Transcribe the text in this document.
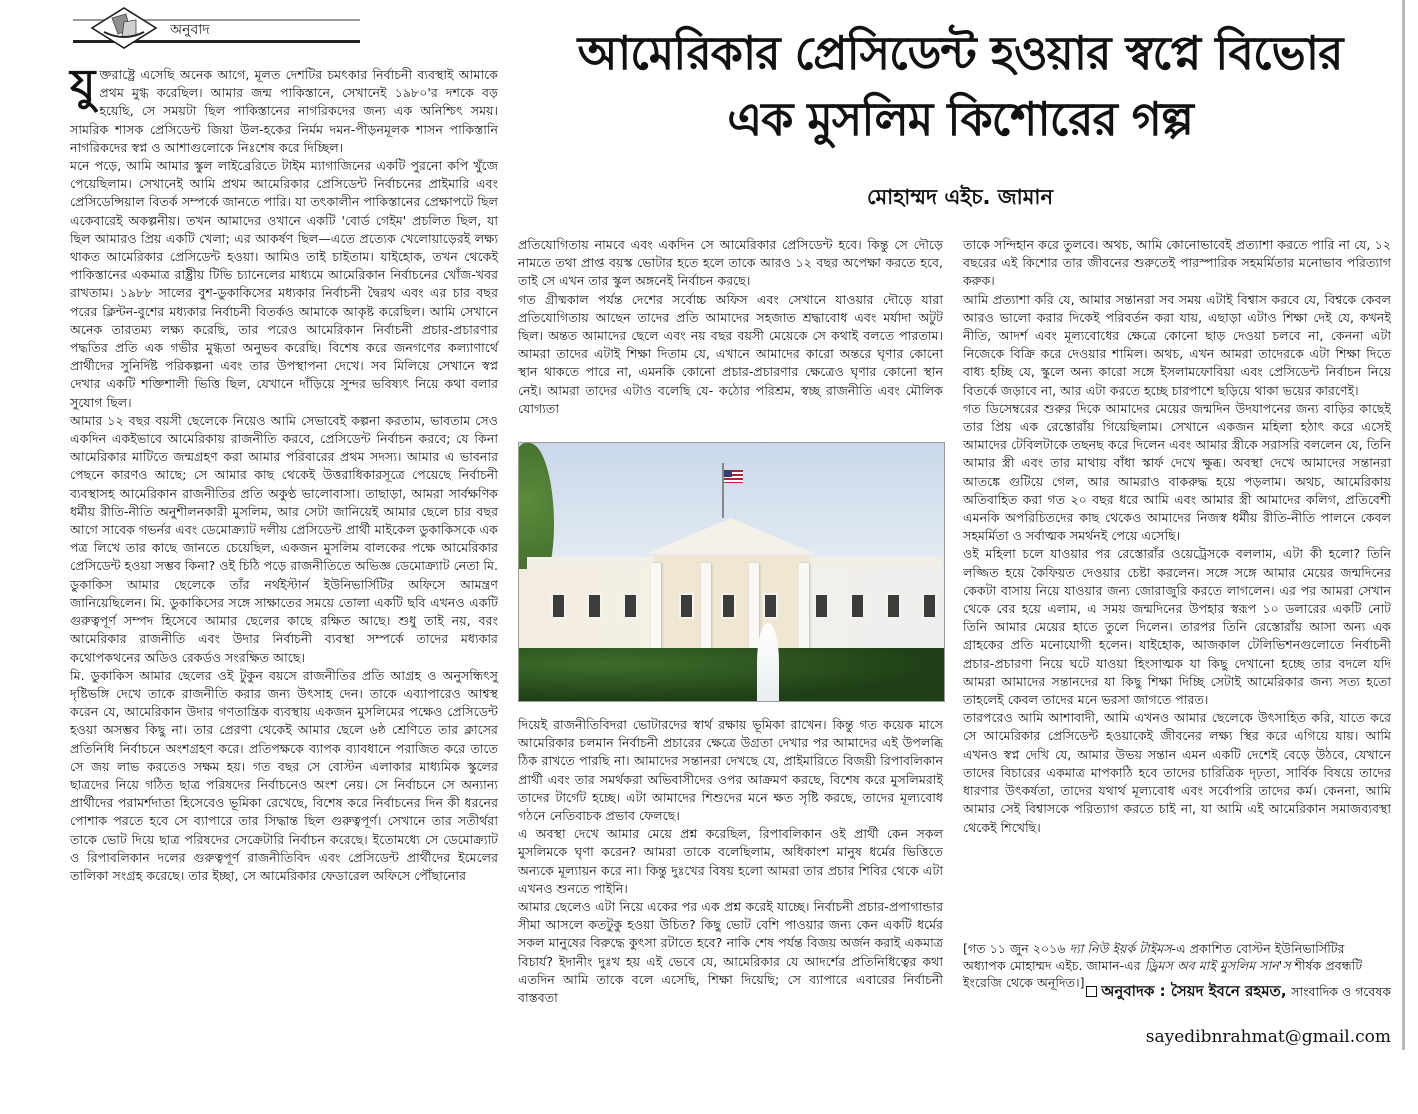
অনুবাদ	আমেরিকার প্রেসিডেন্ট হওয়ার স্বপ্নে বিভোর
এক মুসলিম কিশোরের গল্প
মোহাম্মদ এইচ. জামান

যুক্তরাষ্ট্রে এসেছি অনেক আগে, মূলত দেশটির চমৎকার নির্বাচনী ব্যবস্থাই আমাকে প্রথম মুগ্ধ করেছিল। আমার জন্ম পাকিস্তানে, সেখানেই ১৯৮০'র দশকে বড় হয়েছি, সে সময়টা ছিল পাকিস্তানের নাগরিকদের জন্য এক অনিশ্চিৎ সময়। সামরিক শাসক প্রেসিডেন্ট জিয়া উল-হকের নির্মম দমন-পীড়নমূলক শাসন পাকিস্তানি নাগরিকদের স্বপ্ন ও আশাগুলোকে নিঃশেষ করে দিচ্ছিল।

মনে পড়ে, আমি আমার স্কুল লাইব্রেরিতে টাইম ম্যাগাজিনের একটি পুরনো কপি খুঁজে পেয়েছিলাম। সেখানেই আমি প্রথম আমেরিকার প্রেসিডেন্ট নির্বাচনের প্রাইমারি এবং প্রেসিডেন্সিয়াল বিতর্ক সম্পর্কে জানতে পারি। যা তৎকালীন পাকিস্তানের প্রেক্ষাপটে ছিল একেবারেই অকল্পনীয়। তখন আমাদের ওখানে একটি 'বোর্ড গেইম' প্রচলিত ছিল, যা ছিল আমারও প্রিয় একটি খেলা; এর আকর্ষণ ছিল—এতে প্রত্যেক খেলোয়াড়েরই লক্ষ্য থাকত আমেরিকার প্রেসিডেন্ট হওয়া। আমিও তাই চাইতাম। যাইহোক, তখন থেকেই পাকিস্তানের একমাত্র রাষ্ট্রীয় টিভি চ্যানেলের মাধ্যমে আমেরিকান নির্বাচনের খোঁজ-খবর রাখতাম। ১৯৮৮ সালের বুশ-ডুকাকিসের মধ্যকার নির্বাচনী দ্বৈরথ এবং এর চার বছর পরের ক্লিন্টন-বুশের মধ্যকার নির্বাচনী বিতর্কও আমাকে আকৃষ্ট করেছিল। আমি সেখানে অনেক তারতম্য লক্ষ্য করেছি, তার পরেও আমেরিকান নির্বাচনী প্রচার-প্রচারণার পদ্ধতির প্রতি এক গভীর মুগ্ধতা অনুভব করেছি। বিশেষ করে জনগণের কল্যাণার্থে প্রার্থীদের সুনির্দিষ্ট পরিকল্পনা এবং তার উপস্থাপনা দেখে। সব মিলিয়ে সেখানে স্বপ্ন দেখার একটি শক্তিশালী ভিত্তি ছিল, যেখানে দাঁড়িয়ে সুন্দর ভবিষ্যৎ নিয়ে কথা বলার সুযোগ ছিল।

আমার ১২ বছর বয়সী ছেলেকে নিয়েও আমি সেভাবেই কল্পনা করতাম, ভাবতাম সেও একদিন একইভাবে আমেরিকায় রাজনীতি করবে, প্রেসিডেন্ট নির্বাচন করবে; যে কিনা আমেরিকার মাটিতে জন্মগ্রহণ করা আমার পরিবারের প্রথম সদস্য। আমার এ ভাবনার পেছনে কারণও আছে; সে আমার কাছ থেকেই উত্তরাধিকারসূত্রে পেয়েছে নির্বাচনী ব্যবস্থাসহ আমেরিকান রাজনীতির প্রতি অকুণ্ঠ ভালোবাসা। তাছাড়া, আমরা সার্বক্ষণিক ধর্মীয় রীতি-নীতি অনুশীলনকারী মুসলিম, আর সেটা জানিয়েই আমার ছেলে চার বছর আগে সাবেক গভর্নর এবং ডেমোক্র্যাট দলীয় প্রেসিডেন্ট প্রার্থী মাইকেল ডুকাকিসকে এক পত্র লিখে তার কাছে জানতে চেয়েছিল, একজন মুসলিম বালকের পক্ষে আমেরিকার প্রেসিডেন্ট হওয়া সম্ভব কিনা? ওই চিঠি পড়ে রাজনীতিতে অভিজ্ঞ ডেমোক্র্যাট নেতা মি. ডুকাকিস আমার ছেলেকে তাঁর নর্থইস্টার্ন ইউনিভার্সিটির অফিসে আমন্ত্রণ জানিয়েছিলেন। মি. ডুকাকিসের সঙ্গে সাক্ষাতের সময়ে তোলা একটি ছবি এখনও একটি গুরুত্বপূর্ণ সম্পদ হিসেবে আমার ছেলের কাছে রক্ষিত আছে। শুধু তাই নয়, বরং আমেরিকার রাজনীতি এবং উদার নির্বাচনী ব্যবস্থা সম্পর্কে তাদের মধ্যকার কথোপকথনের অডিও রেকর্ডও সংরক্ষিত আছে।

মি. ডুকাকিস আমার ছেলের ওই টুকুন বয়সে রাজনীতির প্রতি আগ্রহ ও অনুসন্ধিৎসু দৃষ্টিভঙ্গি দেখে তাকে রাজনীতি করার জন্য উৎসাহ দেন। তাকে এব্যাপারেও আশ্বস্থ করেন যে, আমেরিকান উদার গণতান্ত্রিক ব্যবস্থায় একজন মুসলিমের পক্ষেও প্রেসিডেন্ট হওয়া অসম্ভব কিছু না। তার প্রেরণা থেকেই আমার ছেলে ৬ষ্ঠ শ্রেণিতে তার ক্লাসের প্রতিনিধি নির্বাচনে অংশগ্রহণ করে। প্রতিপক্ষকে ব্যাপক ব্যাবধানে পরাজিত করে তাতে সে জয় লাভ করতেও সক্ষম হয়। গত বছর সে বোস্টন এলাকার মাধ্যমিক স্কুলের ছাত্রদের নিয়ে গঠিত ছাত্র পরিষদের নির্বাচনেও অংশ নেয়। সে নির্বাচনে সে অন্যান্য প্রার্থীদের পরামর্শদাতা হিসেবেও ভূমিকা রেখেছে, বিশেষ করে নির্বাচনের দিন কী ধরনের পোশাক পরতে হবে সে ব্যাপারে তার সিদ্ধান্ত ছিল গুরুত্বপূর্ণ। সেখানে তার সতীর্থরা তাকে ভোট দিয়ে ছাত্র পরিষদের সেক্রেটারি নির্বাচন করেছে। ইতোমধ্যে সে ডেমোক্র্যাট ও রিপাবলিকান দলের গুরুত্বপূর্ণ রাজনীতিবিদ এবং প্রেসিডেন্ট প্রার্থীদের ইমেলের তালিকা সংগ্রহ করেছে। তার ইচ্ছা, সে আমেরিকার ফেডারেল অফিসে পৌঁছানোর

প্রতিযোগিতায় নামবে এবং একদিন সে আমেরিকার প্রেসিডেন্ট হবে। কিন্তু সে দৌড়ে নামতে তথা প্রাপ্ত বয়স্ক ভোটার হতে হলে তাকে আরও ১২ বছর অপেক্ষা করতে হবে, তাই সে এখন তার স্কুল অঙ্গনেই নির্বাচন করছে।

গত গ্রীষ্মকাল পর্যন্ত দেশের সর্বোচ্চ অফিস এবং সেখানে যাওয়ার দৌড়ে যারা প্রতিযোগিতায় আছেন তাদের প্রতি আমাদের সহজাত শ্রদ্ধাবোধ এবং মর্যাদা অটুট ছিল। অন্তত আমাদের ছেলে এবং নয় বছর বয়সী মেয়েকে সে কথাই বলতে পারতাম। আমরা তাদের এটাই শিক্ষা দিতাম যে, এখানে আমাদের কারো অন্তরে ঘৃণার কোনো স্থান থাকতে পারে না, এমনকি কোনো প্রচার-প্রচারণার ক্ষেত্রেও ঘৃণার কোনো স্থান নেই। আমরা তাদের এটাও বলেছি যে- কঠোর পরিশ্রম, স্বচ্ছ রাজনীতি এবং মৌলিক যোগ্যতা

দিয়েই রাজনীতিবিদরা ভোটারদের স্বার্থ রক্ষায় ভূমিকা রাখেন। কিন্তু গত কয়েক মাসে আমেরিকার চলমান নির্বাচনী প্রচারের ক্ষেত্রে উগ্রতা দেখার পর আমাদের এই উপলব্ধি ঠিক রাখতে পারছি না। আমাদের সন্তানরা দেখছে যে, প্রাইমারিতে বিজয়ী রিপাবলিকান প্রার্থী এবং তার সমর্থকরা অভিবাসীদের ওপর আক্রমণ করছে, বিশেষ করে মুসলিমরাই তাদের টার্গেট হচ্ছে। এটা আমাদের শিশুদের মনে ক্ষত সৃষ্টি করছে, তাদের মূল্যবোধ গঠনে নেতিবাচক প্রভাব ফেলছে।

এ অবস্থা দেখে আমার মেয়ে প্রশ্ন করেছিল, রিপাবলিকান ওই প্রার্থী কেন সকল মুসলিমকে ঘৃণা করেন? আমরা তাকে বলেছিলাম, অধিকাংশ মানুষ ধর্মের ভিত্তিতে অন্যকে মূল্যায়ন করে না। কিন্তু দুঃখের বিষয় হলো আমরা তার প্রচার শিবির থেকে এটা এখনও শুনতে পাইনি।

আমার ছেলেও এটা নিয়ে একের পর এক প্রশ্ন করেই যাচ্ছে। নির্বাচনী প্রচার-প্রপাগান্ডার সীমা আসলে কতটুকু হওয়া উচিত? কিছু ভোট বেশি পাওয়ার জন্য কেন একটি ধর্মের সকল মানুষের বিরুদ্ধে কুৎসা রটাতে হবে? নাকি শেষ পর্যন্ত বিজয় অর্জন করাই একমাত্র বিচার্য? ইদানীং দুঃখ হয় এই ভেবে যে, আমেরিকার যে আদর্শের প্রতিনিধিত্বের কথা এতদিন আমি তাকে বলে এসেছি, শিক্ষা দিয়েছি; সে ব্যাপারে এবারের নির্বাচনী বাস্তবতা

তাকে সন্দিহান করে তুলবে। অথচ, আমি কোনোভাবেই প্রত্যাশা করতে পারি না যে, ১২ বছরের এই কিশোর তার জীবনের শুরুতেই পারস্পারিক সহমর্মিতার মনোভাব পরিত্যাগ করুক।

আমি প্রত্যাশা করি যে, আমার সন্তানরা সব সময় এটাই বিশ্বাস করবে যে, বিশ্বকে কেবল আরও ভালো করার দিকেই পরিবর্তন করা যায়, এছাড়া এটাও শিক্ষা দেই যে, কখনই নীতি, আদর্শ এবং মূল্যবোধের ক্ষেত্রে কোনো ছাড় দেওয়া চলবে না, কেননা এটা নিজেকে বিক্রি করে দেওয়ার শামিল। অথচ, এখন আমরা তাদেরকে এটা শিক্ষা দিতে বাধ্য হচ্ছি যে, স্কুলে অন্য কারো সঙ্গে ইসলামফোবিয়া এবং প্রেসিডেন্ট নির্বাচন নিয়ে বিতর্কে জড়াবে না, আর এটা করতে হচ্ছে চারপাশে ছড়িয়ে থাকা ভয়ের কারণেই।

গত ডিসেম্বরের শুরুর দিকে আমাদের মেয়ের জন্মদিন উদযাপনের জন্য বাড়ির কাছেই তার প্রিয় এক রেস্তোরাঁয় গিয়েছিলাম। সেখানে একজন মহিলা হঠাৎ করে এসেই আমাদের টেবিলটাকে তছনছ করে দিলেন এবং আমার স্ত্রীকে সরাসরি বললেন যে, তিনি আমার স্ত্রী এবং তার মাথায় বাঁধা স্কার্ফ দেখে ক্ষুব্ধ। অবস্থা দেখে আমাদের সন্তানরা আতঙ্কে গুটিয়ে গেল, আর আমরাও বাকরুদ্ধ হয়ে পড়লাম। অথচ, আমেরিকায় অতিবাহিত করা গত ২০ বছর ধরে আমি এবং আমার স্ত্রী আমাদের কলিগ, প্রতিবেশী এমনকি অপরিচিতদের কাছ থেকেও আমাদের নিজস্ব ধর্মীয় রীতি-নীতি পালনে কেবল সহমর্মিতা ও সর্বাত্মক সমর্থনই পেয়ে এসেছি।

ওই মহিলা চলে যাওয়ার পর রেস্তোরাঁর ওয়েট্রেসকে বললাম, এটা কী হলো? তিনি লজ্জিত হয়ে কৈফিয়ত দেওয়ার চেষ্টা করলেন। সঙ্গে সঙ্গে আমার মেয়ের জন্মদিনের কেকটা বাসায় নিয়ে যাওয়ার জন্য জোরাজুরি করতে লাগলেন। এর পর আমরা সেখান থেকে বের হয়ে এলাম, এ সময় জন্মদিনের উপহার স্বরূপ ১০ ডলারের একটি নোট তিনি আমার মেয়ের হাতে তুলে দিলেন। তারপর তিনি রেস্তোরাঁয় আসা অন্য এক গ্রাহকের প্রতি মনোযোগী হলেন। যাইহোক, আজকাল টেলিভিশনগুলোতে নির্বাচনী প্রচার-প্রচারণা নিয়ে ঘটে যাওয়া হিংসাত্মক যা কিছু দেখানো হচ্ছে তার বদলে যদি আমরা আমাদের সন্তানদের যা কিছু শিক্ষা দিচ্ছি সেটাই আমেরিকার জন্য সত্য হতো তাহলেই কেবল তাদের মনে ভরসা জাগতে পারত।

তারপরেও আমি আশাবাদী, আমি এখনও আমার ছেলেকে উৎসাহিত করি, যাতে করে সে আমেরিকার প্রেসিডেন্ট হওয়াকেই জীবনের লক্ষ্য স্থির করে এগিয়ে যায়। আমি এখনও স্বপ্ন দেখি যে, আমার উভয় সন্তান এমন একটি দেশেই বেড়ে উঠবে, যেখানে তাদের বিচারের একমাত্র মাপকাঠি হবে তাদের চারিত্রিক দৃঢ়তা, সার্বিক বিষয়ে তাদের ধারণার উৎকর্ষতা, তাদের যথার্থ মূল্যবোধ এবং সর্বোপরি তাদের কর্ম। কেননা, আমি আমার সেই বিশ্বাসকে পরিত্যাগ করতে চাই না, যা আমি এই আমেরিকান সমাজব্যবস্থা থেকেই শিখেছি।

[গত ১১ জুন ২০১৬ দ্যা নিউ ইয়র্ক টাইমস-এ প্রকাশিত বোস্টন ইউনিভার্সিটির অধ্যাপক মোহাম্মদ এইচ. জামান-এর ড্রিমস অব মাই মুসলিম সান'স শীর্ষক প্রবন্ধটি ইংরেজি থেকে অনূদিত।]	অনুবাদক : সৈয়দ ইবনে রহমত, সাংবাদিক ও গবেষক
sayedibnrahmat@gmail.com
